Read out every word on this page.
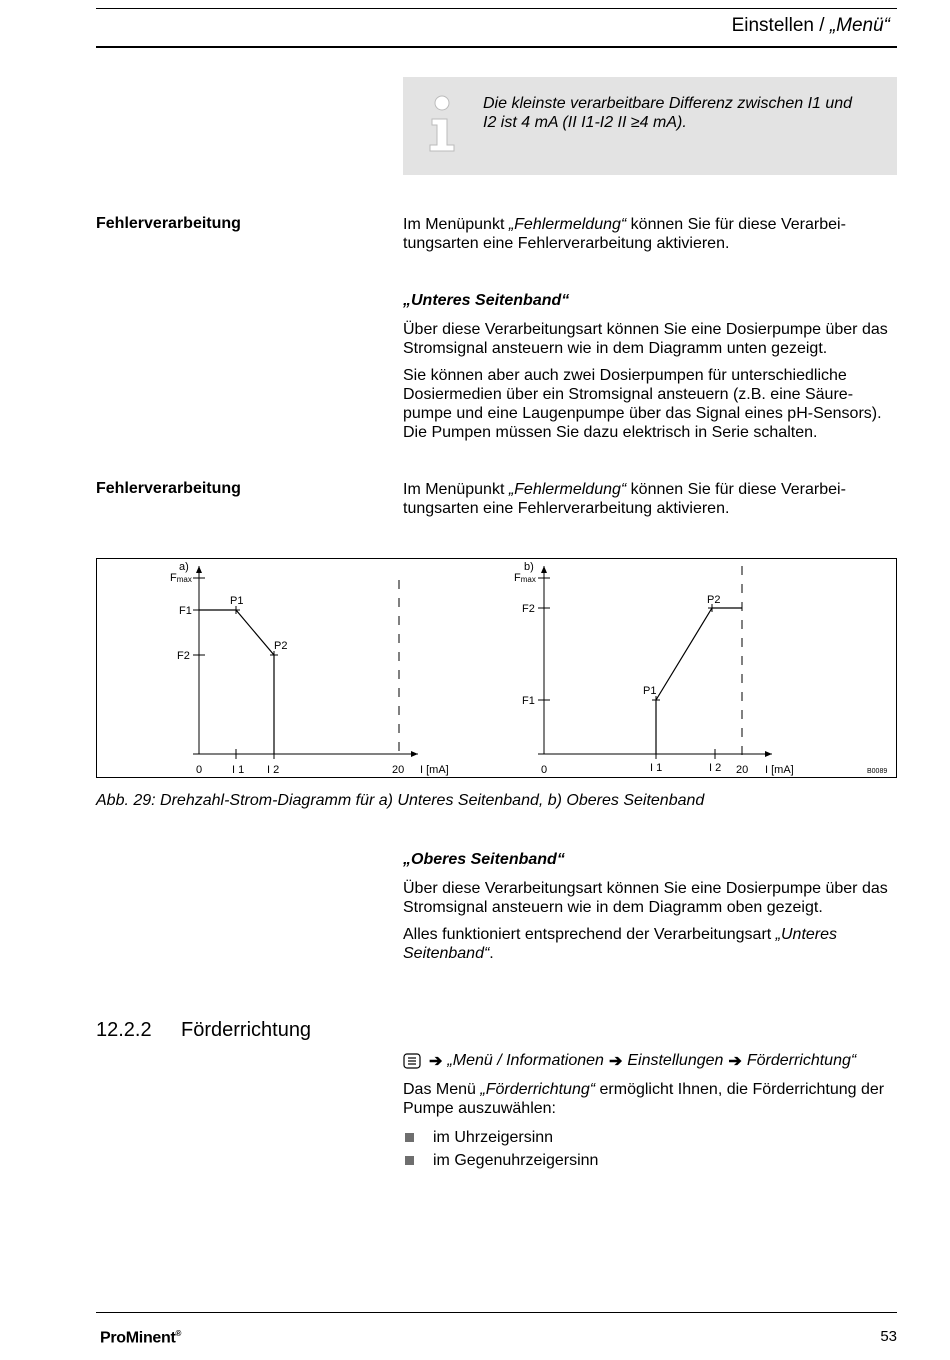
Einstellen / „Menü“
Die kleinste verarbeitbare Differenz zwischen I1 und I2 ist 4 mA (II I1-I2 II ≥4 mA).
Fehlerverarbeitung	Im Menüpunkt „Fehlermeldung“ können Sie für diese Verarbeitungsarten eine Fehlerverarbeitung aktivieren.
„Unteres Seitenband“
Über diese Verarbeitungsart können Sie eine Dosierpumpe über das Stromsignal ansteuern wie in dem Diagramm unten gezeigt.
Sie können aber auch zwei Dosierpumpen für unterschiedliche Dosiermedien über ein Stromsignal ansteuern (z.B. eine Säurepumpe und eine Laugenpumpe über das Signal eines pH-Sensors). Die Pumpen müssen Sie dazu elektrisch in Serie schalten.
Fehlerverarbeitung	Im Menüpunkt „Fehlermeldung“ können Sie für diese Verarbeitungsarten eine Fehlerverarbeitung aktivieren.
a)
Fmax
F1
F2
P1
P2
0	I 1 I 2	20 I [mA]
b)
Fmax
F2
F1
P1
P2
0	I 1	I 2 20 I [mA]	B0089
Abb. 29: Drehzahl-Strom-Diagramm für a) Unteres Seitenband, b) Oberes Seitenband
„Oberes Seitenband“
Über diese Verarbeitungsart können Sie eine Dosierpumpe über das Stromsignal ansteuern wie in dem Diagramm oben gezeigt.
Alles funktioniert entsprechend der Verarbeitungsart „Unteres Seitenband“.
12.2.2 Förderrichtung
➔ „Menü / Informationen ➔ Einstellungen ➔ Förderrichtung“
Das Menü „Förderrichtung“ ermöglicht Ihnen, die Förderrichtung der Pumpe auszuwählen:
im Uhrzeigersinn
im Gegenuhrzeigersinn
ProMinent®	53
